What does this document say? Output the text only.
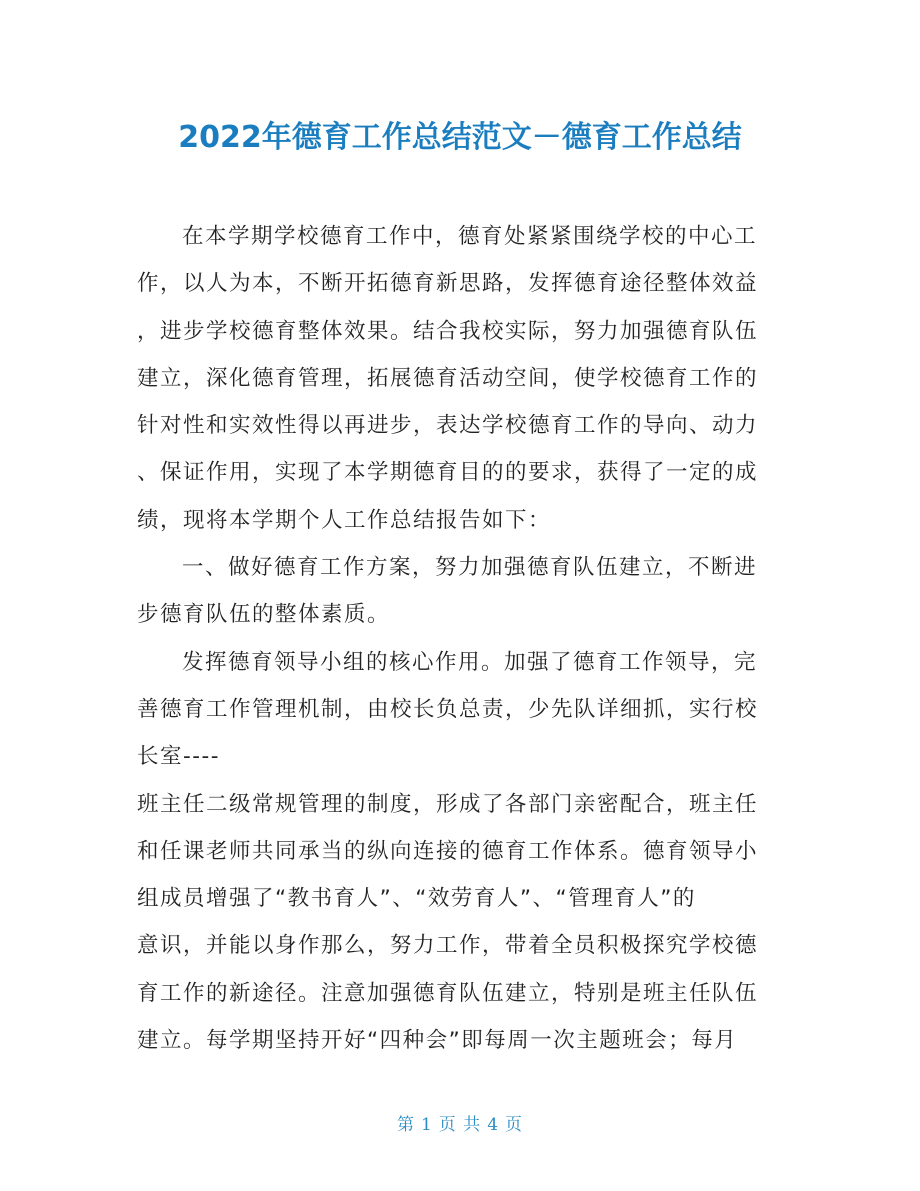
2022年德育工作总结范文－德育工作总结
在本学期学校德育工作中，德育处紧紧围绕学校的中心工
作，以人为本，不断开拓德育新思路，发挥德育途径整体效益
，进步学校德育整体效果。结合我校实际，努力加强德育队伍
建立，深化德育管理，拓展德育活动空间，使学校德育工作的
针对性和实效性得以再进步，表达学校德育工作的导向、动力
、保证作用，实现了本学期德育目的的要求，获得了一定的成
绩，现将本学期个人工作总结报告如下：
一、做好德育工作方案，努力加强德育队伍建立，不断进
步德育队伍的整体素质。
发挥德育领导小组的核心作用。加强了德育工作领导，完
善德育工作管理机制，由校长负总责，少先队详细抓，实行校
长室----
班主任二级常规管理的制度，形成了各部门亲密配合，班主任
和任课老师共同承当的纵向连接的德育工作体系。德育领导小
组成员增强了“教书育人”、“效劳育人”、“管理育人”的
意识，并能以身作那么，努力工作，带着全员积极探究学校德
育工作的新途径。注意加强德育队伍建立，特别是班主任队伍
建立。每学期坚持开好“四种会”即每周一次主题班会；每月
第 1 页 共 4 页
